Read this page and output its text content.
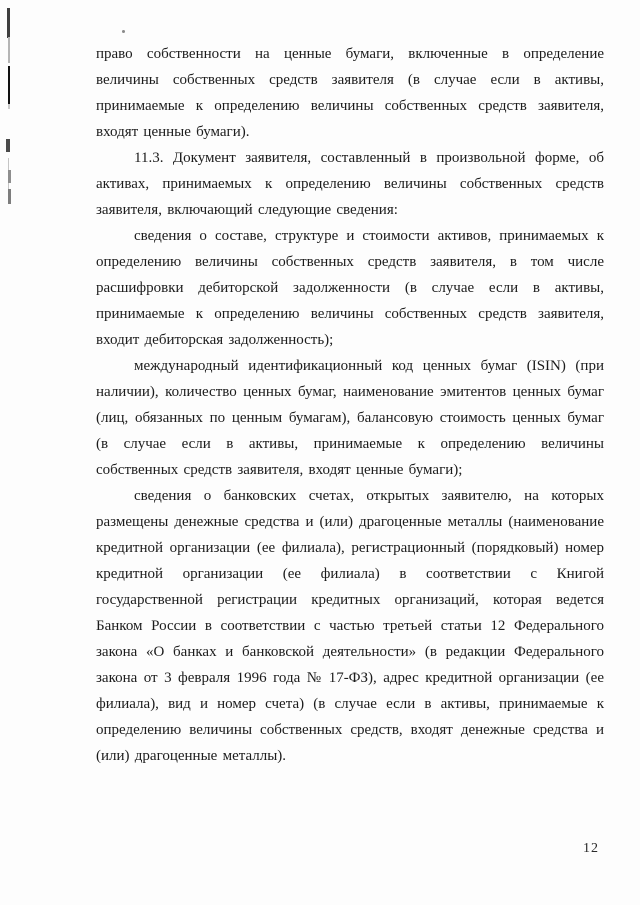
право собственности на ценные бумаги, включенные в определение величины собственных средств заявителя (в случае если в активы, принимаемые к определению величины собственных средств заявителя, входят ценные бумаги).

11.3. Документ заявителя, составленный в произвольной форме, об активах, принимаемых к определению величины собственных средств заявителя, включающий следующие сведения:

сведения о составе, структуре и стоимости активов, принимаемых к определению величины собственных средств заявителя, в том числе расшифровки дебиторской задолженности (в случае если в активы, принимаемые к определению величины собственных средств заявителя, входит дебиторская задолженность);

международный идентификационный код ценных бумаг (ISIN) (при наличии), количество ценных бумаг, наименование эмитентов ценных бумаг (лиц, обязанных по ценным бумагам), балансовую стоимость ценных бумаг (в случае если в активы, принимаемые к определению величины собственных средств заявителя, входят ценные бумаги);

сведения о банковских счетах, открытых заявителю, на которых размещены денежные средства и (или) драгоценные металлы (наименование кредитной организации (ее филиала), регистрационный (порядковый) номер кредитной организации (ее филиала) в соответствии с Книгой государственной регистрации кредитных организаций, которая ведется Банком России в соответствии с частью третьей статьи 12 Федерального закона «О банках и банковской деятельности» (в редакции Федерального закона от 3 февраля 1996 года № 17-ФЗ), адрес кредитной организации (ее филиала), вид и номер счета) (в случае если в активы, принимаемые к определению величины собственных средств, входят денежные средства и (или) драгоценные металлы).

12
